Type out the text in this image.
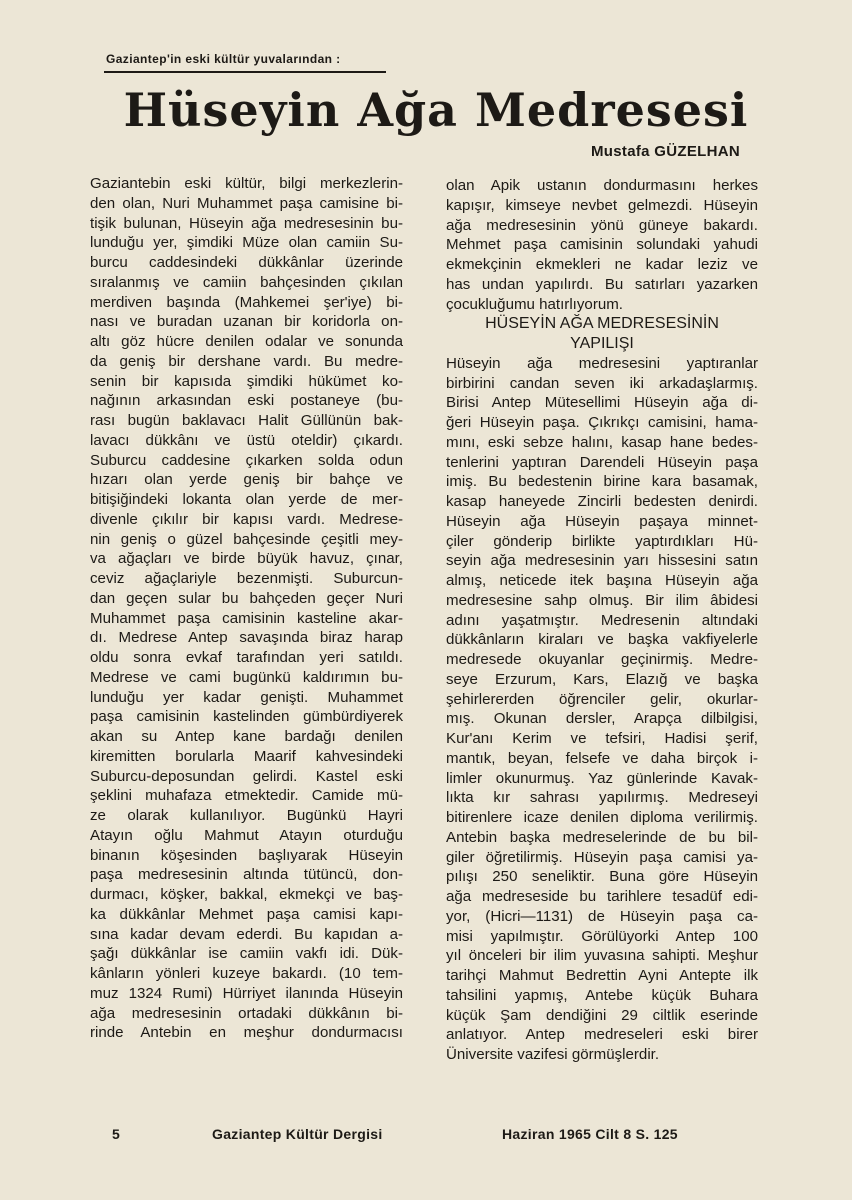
Gaziantep'in eski kültür yuvalarından :
Hüseyin Ağa Medresesi
Mustafa GÜZELHAN
Gaziantebin eski kültür, bilgi merkezlerin-
den olan, Nuri Muhammet paşa camisine bi-
tişik bulunan, Hüseyin ağa medresesinin bu-
lunduğu yer, şimdiki Müze olan camiin Su-
burcu caddesindeki dükkânlar üzerinde
sıralanmış ve camiin bahçesinden çıkılan
merdiven başında (Mahkemei şer'iye) bi-
nası ve buradan uzanan bir koridorla on-
altı göz hücre denilen odalar ve sonunda
da geniş bir dershane vardı. Bu medre-
senin bir kapısıda şimdiki hükümet ko-
nağının arkasından eski postaneye (bu-
rası bugün baklavacı Halit Güllünün bak-
lavacı dükkânı ve üstü oteldir) çıkardı.
Suburcu caddesine çıkarken solda odun
hızarı olan yerde geniş bir bahçe ve
bitişiğindeki lokanta olan yerde de mer-
divenle çıkılır bir kapısı vardı. Medrese-
nin geniş o güzel bahçesinde çeşitli mey-
va ağaçları ve birde büyük havuz, çınar,
ceviz ağaçlariyle bezenmişti. Suburcun-
dan geçen sular bu bahçeden geçer Nuri
Muhammet paşa camisinin kasteline akar-
dı. Medrese Antep savaşında biraz harap
oldu sonra evkaf tarafından yeri satıldı.
Medrese ve cami bugünkü kaldırımın bu-
lunduğu yer kadar genişti. Muhammet
paşa camisinin kastelinden gümbürdiyerek
akan su Antep kane bardağı denilen
kiremitten borularla Maarif kahvesindeki
Suburcu-deposundan gelirdi. Kastel eski
şeklini muhafaza etmektedir. Camide mü-
ze olarak kullanılıyor. Bugünkü Hayri
Atayın oğlu Mahmut Atayın oturduğu
binanın köşesinden başlıyarak Hüseyin
paşa medresesinin altında tütüncü, don-
durmacı, köşker, bakkal, ekmekçi ve baş-
ka dükkânlar Mehmet paşa camisi kapı-
sına kadar devam ederdi. Bu kapıdan a-
şağı dükkânlar ise camiin vakfı idi. Dük-
kânların yönleri kuzeye bakardı. (10 tem-
muz 1324 Rumi) Hürriyet ilanında Hüseyin
ağa medresesinin ortadaki dükkânın bi-
rinde Antebin en meşhur dondurmacısı
olan Apik ustanın dondurmasını herkes
kapışır, kimseye nevbet gelmezdi. Hüseyin
ağa medresesinin yönü güneye bakardı.
Mehmet paşa camisinin solundaki yahudi
ekmekçinin ekmekleri ne kadar leziz ve
has undan yapılırdı. Bu satırları yazarken
çocukluğumu hatırlıyorum.
HÜSEYİN AĞA MEDRESESİNİN
YAPILIŞI
Hüseyin ağa medresesini yaptıranlar
birbirini candan seven iki arkadaşlarmış.
Birisi Antep Mütesellimi Hüseyin ağa di-
ğeri Hüseyin paşa. Çıkrıkçı camisini, hama-
mını, eski sebze halını, kasap hane bedes-
tenlerini yaptıran Darendeli Hüseyin paşa
imiş. Bu bedestenin birine kara basamak,
kasap haneyede Zincirli bedesten denirdi.
Hüseyin ağa Hüseyin paşaya minnet-
çiler gönderip birlikte yaptırdıkları Hü-
seyin ağa medresesinin yarı hissesini satın
almış, neticede itek başına Hüseyin ağa
medresesine sahp olmuş. Bir ilim âbidesi
adını yaşatmıştır. Medresenin altındaki
dükkânların kiraları ve başka vakfiyelerle
medresede okuyanlar geçinirmiş. Medre-
seye Erzurum, Kars, Elazığ ve başka
şehirlererden öğrenciler gelir, okurlar-
mış. Okunan dersler, Arapça dilbilgisi,
Kur'anı Kerim ve tefsiri, Hadisi şerif,
mantık, beyan, felsefe ve daha birçok i-
limler okunurmuş. Yaz günlerinde Kavak-
lıkta kır sahrası yapılırmış. Medreseyi
bitirenlere icaze denilen diploma verilirmiş.
Antebin başka medreselerinde de bu bil-
giler öğretilirmiş. Hüseyin paşa camisi ya-
pılışı 250 seneliktir. Buna göre Hüseyin
ağa medreseside bu tarihlere tesadüf edi-
yor, (Hicri—1131) de Hüseyin paşa ca-
misi yapılmıştır. Görülüyorki Antep 100
yıl önceleri bir ilim yuvasına sahipti. Meşhur
tarihçi Mahmut Bedrettin Ayni Antepte ilk
tahsilini yapmış, Antebe küçük Buhara
küçük Şam dendiğini 29 ciltlik eserinde
anlatıyor. Antep medreseleri eski birer
Üniversite vazifesi görmüşlerdir.
5	Gaziantep Kültür Dergisi	Haziran 1965 Cilt 8 S. 125
